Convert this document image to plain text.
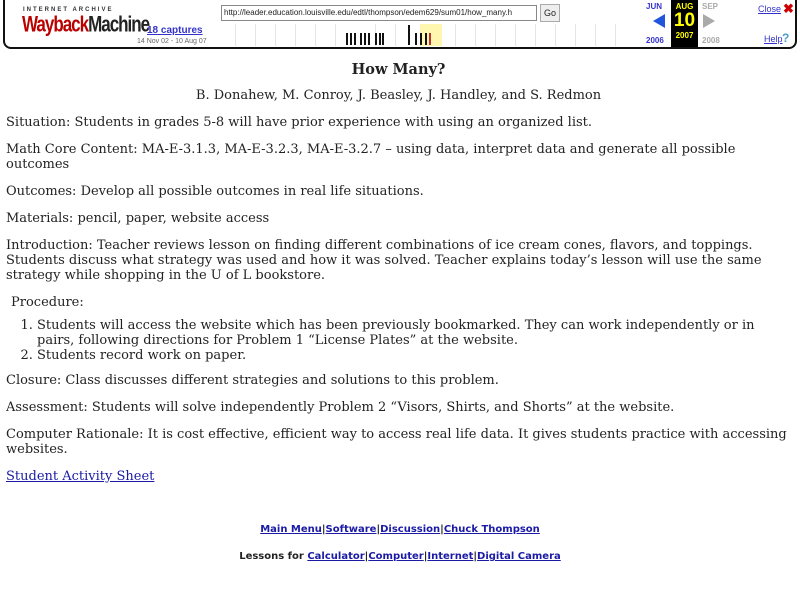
INTERNET ARCHIVE
WaybackMachine
18 captures
14 Nov 02 - 10 Aug 07
http://leader.education.louisville.edu/edtl/thompson/edem629/sum01/how_many.h	Go
JUN
2006
AUG
10
2007
SEP
2008
Close ✖
Help ?
How Many?

B. Donahew, M. Conroy, J. Beasley, J. Handley, and S. Redmon

Situation: Students in grades 5-8 will have prior experience with using an organized list.

Math Core Content: MA-E-3.1.3, MA-E-3.2.3, MA-E-3.2.7 – using data, interpret data and generate all possible outcomes

Outcomes: Develop all possible outcomes in real life situations.

Materials: pencil, paper, website access

Introduction: Teacher reviews lesson on finding different combinations of ice cream cones, flavors, and toppings. Students discuss what strategy was used and how it was solved. Teacher explains today’s lesson will use the same strategy while shopping in the U of L bookstore.

Procedure:

1. Students will access the website which has been previously bookmarked. They can work independently or in pairs, following directions for Problem 1 “License Plates” at the website.
2. Students record work on paper.

Closure: Class discusses different strategies and solutions to this problem.

Assessment: Students will solve independently Problem 2 “Visors, Shirts, and Shorts” at the website.

Computer Rationale: It is cost effective, efficient way to access real life data. It gives students practice with accessing websites.

Student Activity Sheet

Main Menu|Software|Discussion|Chuck Thompson
Lessons for Calculator|Computer|Internet|Digital Camera
